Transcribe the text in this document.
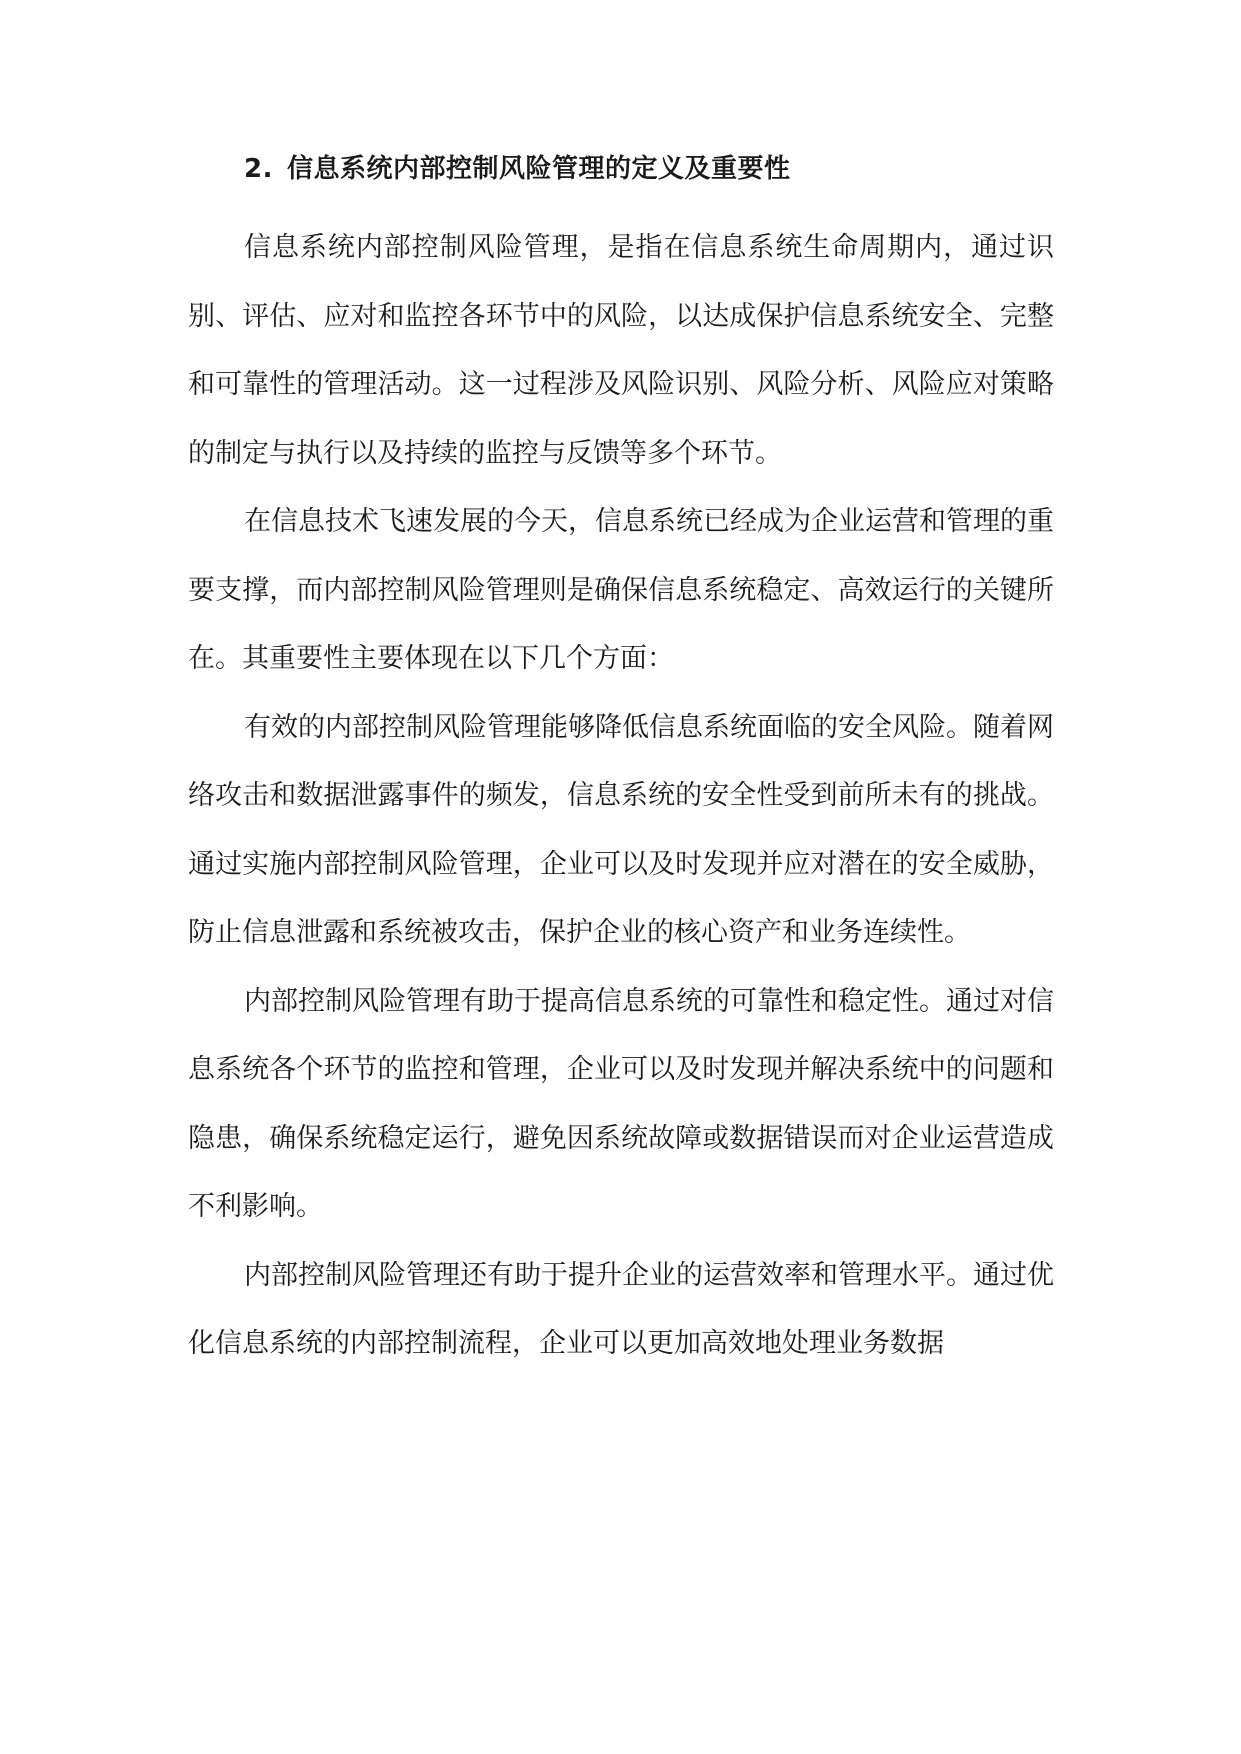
2. 信息系统内部控制风险管理的定义及重要性

信息系统内部控制风险管理，是指在信息系统生命周期内，通过识别、评估、应对和监控各环节中的风险，以达成保护信息系统安全、完整和可靠性的管理活动。这一过程涉及风险识别、风险分析、风险应对策略的制定与执行以及持续的监控与反馈等多个环节。

在信息技术飞速发展的今天，信息系统已经成为企业运营和管理的重要支撑，而内部控制风险管理则是确保信息系统稳定、高效运行的关键所在。其重要性主要体现在以下几个方面：

有效的内部控制风险管理能够降低信息系统面临的安全风险。随着网络攻击和数据泄露事件的频发，信息系统的安全性受到前所未有的挑战。通过实施内部控制风险管理，企业可以及时发现并应对潜在的安全威胁，防止信息泄露和系统被攻击，保护企业的核心资产和业务连续性。

内部控制风险管理有助于提高信息系统的可靠性和稳定性。通过对信息系统各个环节的监控和管理，企业可以及时发现并解决系统中的问题和隐患，确保系统稳定运行，避免因系统故障或数据错误而对企业运营造成不利影响。

内部控制风险管理还有助于提升企业的运营效率和管理水平。通过优化信息系统的内部控制流程，企业可以更加高效地处理业务数据
